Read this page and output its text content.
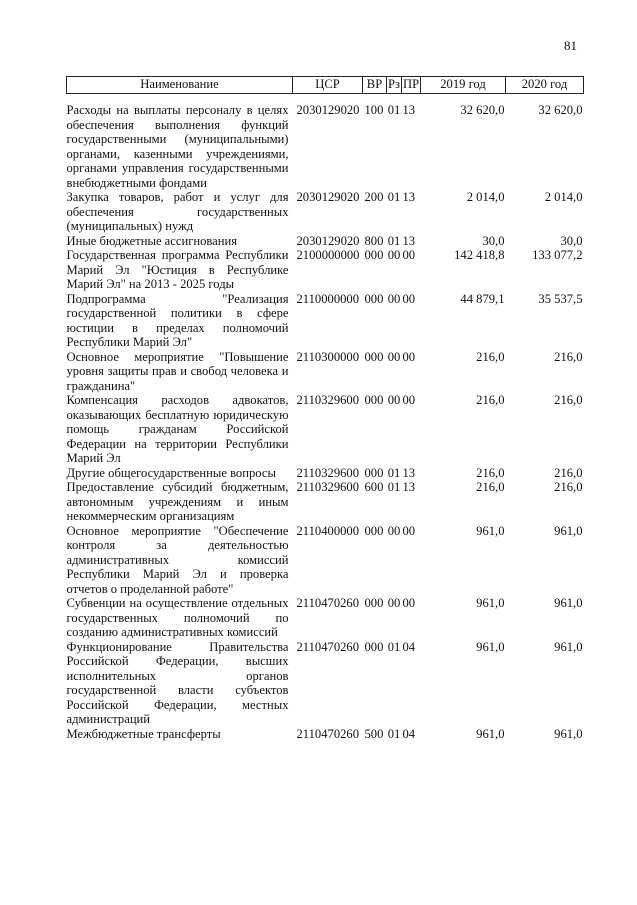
81
Наименование	ЦСР	ВР	Рз	ПР	2019 год	2020 год
Расходы на выплаты персоналу в целях обеспечения выполнения функций государственными (муниципальными) органами, казенными учреждениями, органами управления государственными внебюджетными фондами	2030129020	100	01	13	32 620,0	32 620,0
Закупка товаров, работ и услуг для обеспечения государственных (муниципальных) нужд	2030129020	200	01	13	2 014,0	2 014,0
Иные бюджетные ассигнования	2030129020	800	01	13	30,0	30,0
Государственная программа Республики Марий Эл "Юстиция в Республике Марий Эл" на 2013 - 2025 годы	2100000000	000	00	00	142 418,8	133 077,2
Подпрограмма "Реализация государственной политики в сфере юстиции в пределах полномочий Республики Марий Эл"	2110000000	000	00	00	44 879,1	35 537,5
Основное мероприятие "Повышение уровня защиты прав и свобод человека и гражданина"	2110300000	000	00	00	216,0	216,0
Компенсация расходов адвокатов, оказывающих бесплатную юридическую помощь гражданам Российской Федерации на территории Республики Марий Эл	2110329600	000	00	00	216,0	216,0
Другие общегосударственные вопросы	2110329600	000	01	13	216,0	216,0
Предоставление субсидий бюджетным, автономным учреждениям и иным некоммерческим организациям	2110329600	600	01	13	216,0	216,0
Основное мероприятие "Обеспечение контроля за деятельностью административных комиссий Республики Марий Эл и проверка отчетов о проделанной работе"	2110400000	000	00	00	961,0	961,0
Субвенции на осуществление отдельных государственных полномочий по созданию административных комиссий	2110470260	000	00	00	961,0	961,0
Функционирование Правительства Российской Федерации, высших исполнительных органов государственной власти субъектов Российской Федерации, местных администраций	2110470260	000	01	04	961,0	961,0
Межбюджетные трансферты	2110470260	500	01	04	961,0	961,0
